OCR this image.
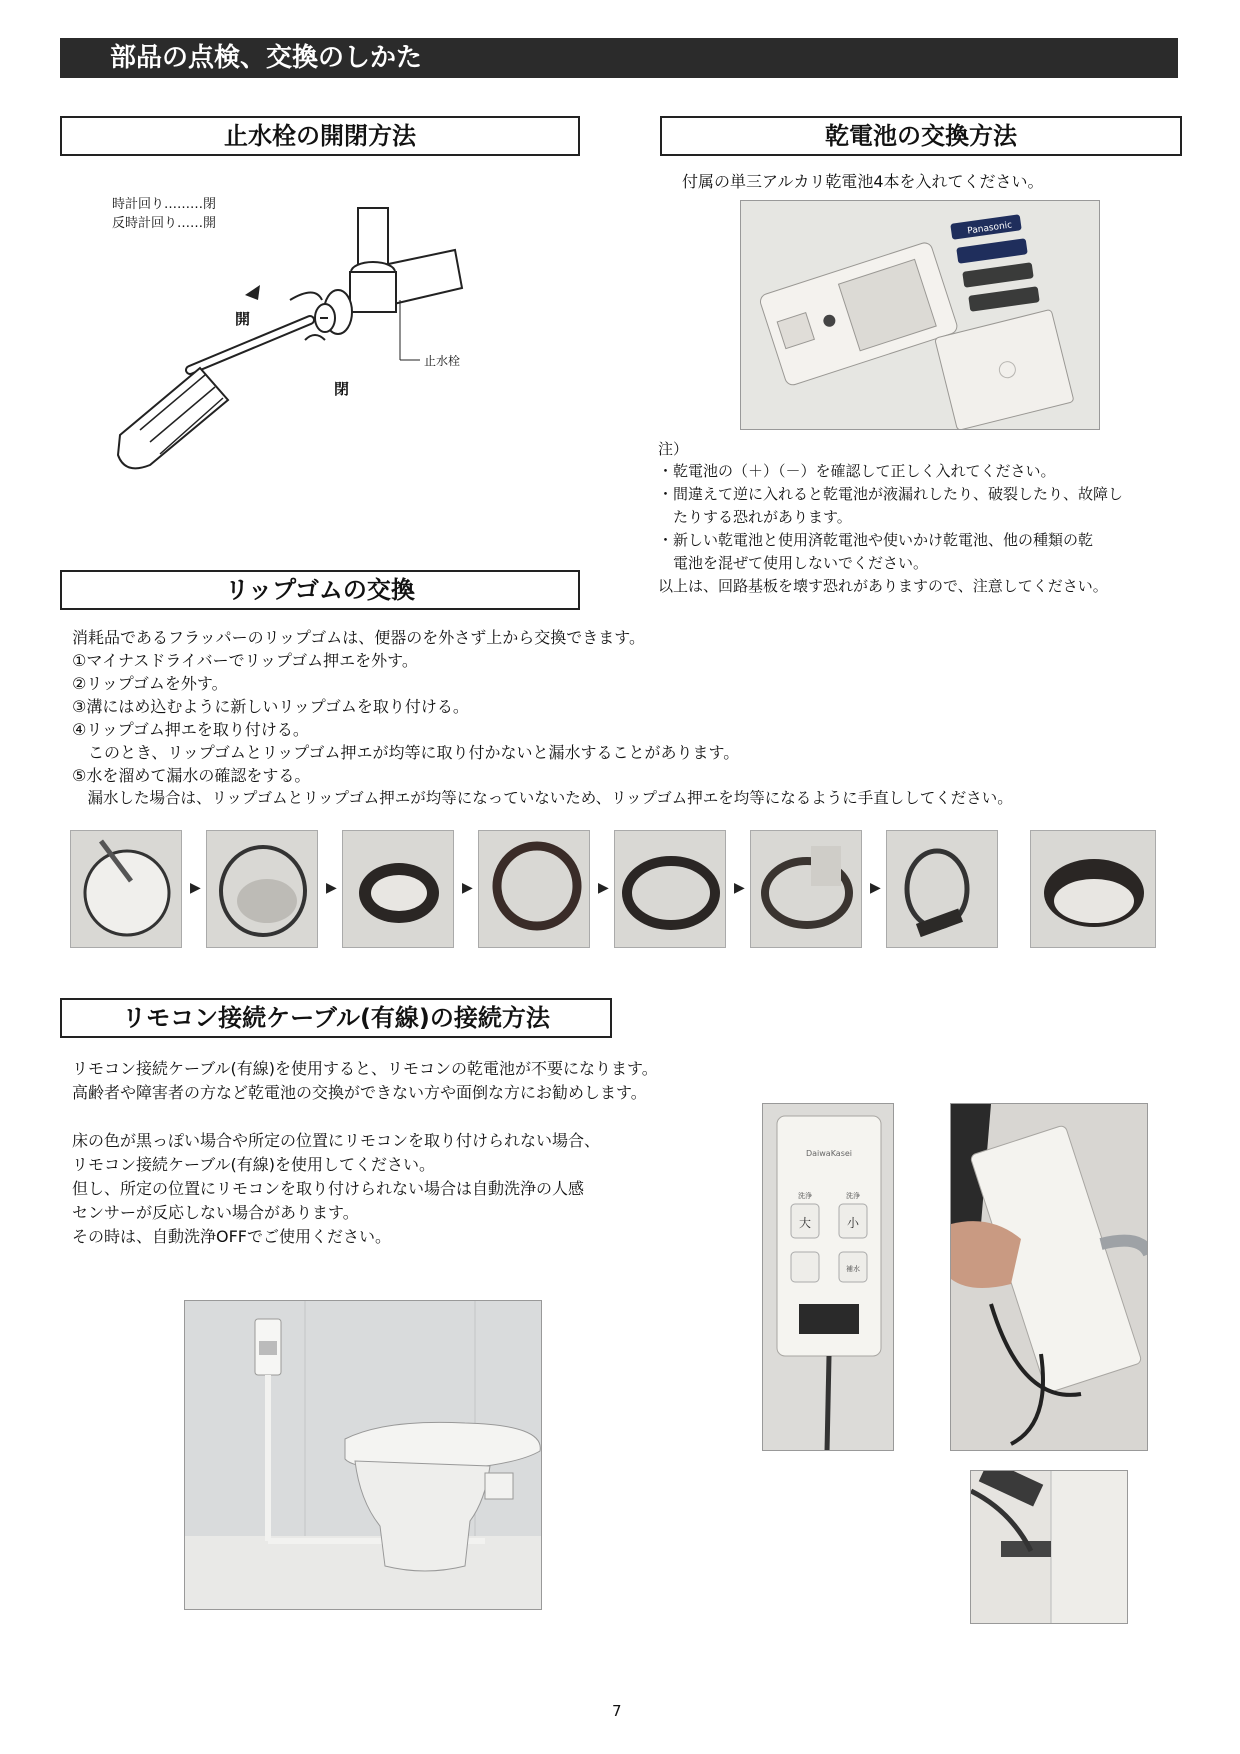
部品の点検、交換のしかた
止水栓の開閉方法
時計回り………閉
反時計回り……開
開
閉
止水栓
乾電池の交換方法
付属の単三アルカリ乾電池4本を入れてください。
Panasonic
注）
・乾電池の（＋）（－）を確認して正しく入れてください。
・間違えて逆に入れると乾電池が液漏れしたり、破裂したり、故障し
　たりする恐れがあります。
・新しい乾電池と使用済乾電池や使いかけ乾電池、他の種類の乾
　電池を混ぜて使用しないでください。
以上は、回路基板を壊す恐れがありますので、注意してください。
リップゴムの交換
消耗品であるフラッパーのリップゴムは、便器のを外さず上から交換できます。
①マイナスドライバーでリップゴム押エを外す。
②リップゴムを外す。
③溝にはめ込むように新しいリップゴムを取り付ける。
④リップゴム押エを取り付ける。
　このとき、リップゴムとリップゴム押エが均等に取り付かないと漏水することがあります。
⑤水を溜めて漏水の確認をする。
　漏水した場合は、リップゴムとリップゴム押エが均等になっていないため、リップゴム押エを均等になるように手直ししてください。
▶	▶	▶	▶	▶	▶
リモコン接続ケーブル(有線)の接続方法
リモコン接続ケーブル(有線)を使用すると、リモコンの乾電池が不要になります。
高齢者や障害者の方など乾電池の交換ができない方や面倒な方にお勧めします。
床の色が黒っぽい場合や所定の位置にリモコンを取り付けられない場合、
リモコン接続ケーブル(有線)を使用してください。
但し、所定の位置にリモコンを取り付けられない場合は自動洗浄の人感
センサーが反応しない場合があります。
その時は、自動洗浄OFFでご使用ください。
DaiwaKasei
洗浄	洗浄
大	小
補水
7
